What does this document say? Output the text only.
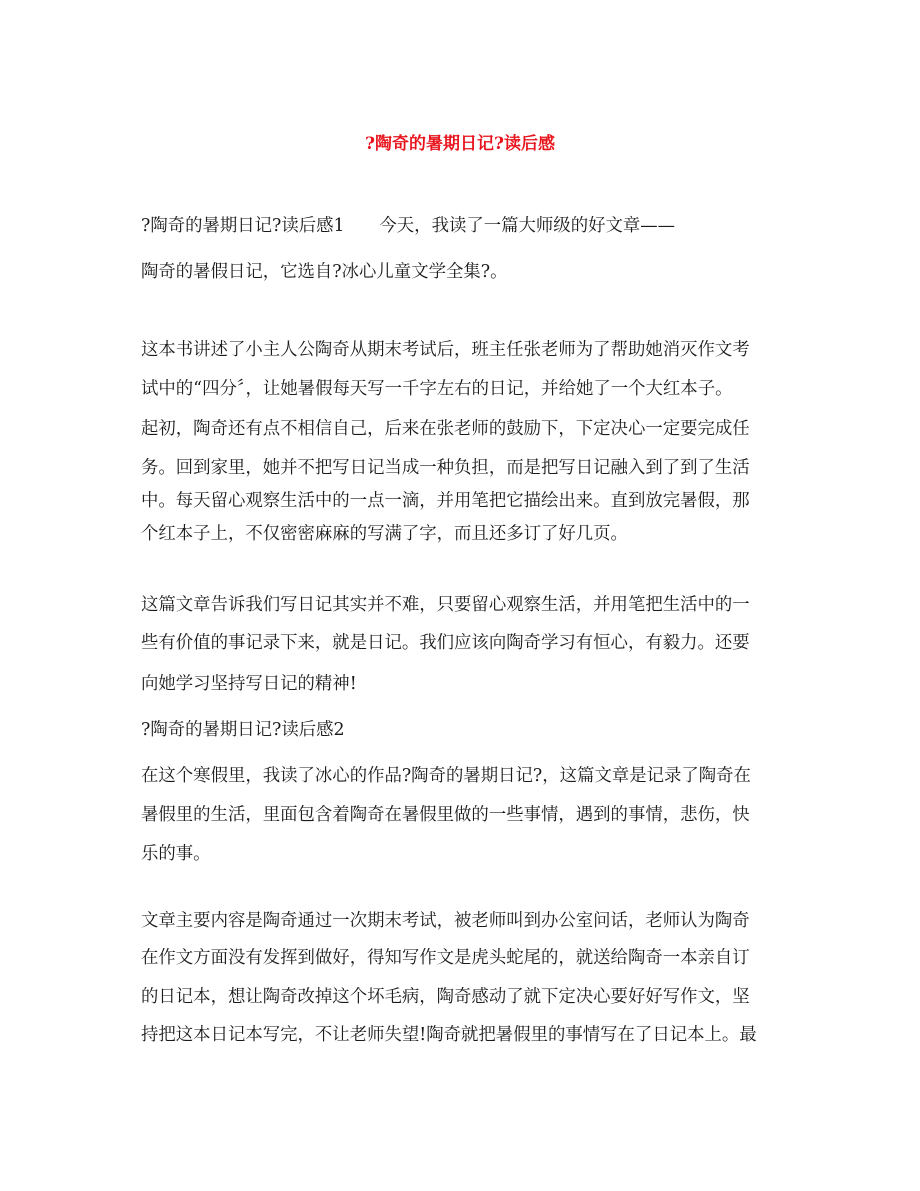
?陶奇的暑期日记?读后感
?陶奇的暑期日记?读后感1　　今天，我读了一篇大师级的好文章——
陶奇的暑假日记，它选自?冰心儿童文学全集?。
这本书讲述了小主人公陶奇从期末考试后，班主任张老师为了帮助她消灭作文考
试中的“四分〞，让她暑假每天写一千字左右的日记，并给她了一个大红本子。
起初，陶奇还有点不相信自己，后来在张老师的鼓励下，下定决心一定要完成任
务。回到家里，她并不把写日记当成一种负担，而是把写日记融入到了到了生活
中。每天留心观察生活中的一点一滴，并用笔把它描绘出来。直到放完暑假，那
个红本子上，不仅密密麻麻的写满了字，而且还多订了好几页。
这篇文章告诉我们写日记其实并不难，只要留心观察生活，并用笔把生活中的一
些有价值的事记录下来，就是日记。我们应该向陶奇学习有恒心，有毅力。还要
向她学习坚持写日记的精神!
?陶奇的暑期日记?读后感2
在这个寒假里，我读了冰心的作品?陶奇的暑期日记?，这篇文章是记录了陶奇在
暑假里的生活，里面包含着陶奇在暑假里做的一些事情，遇到的事情，悲伤，快
乐的事。
文章主要内容是陶奇通过一次期末考试，被老师叫到办公室问话，老师认为陶奇
在作文方面没有发挥到做好，得知写作文是虎头蛇尾的，就送给陶奇一本亲自订
的日记本，想让陶奇改掉这个坏毛病，陶奇感动了就下定决心要好好写作文，坚
持把这本日记本写完，不让老师失望!陶奇就把暑假里的事情写在了日记本上。最
